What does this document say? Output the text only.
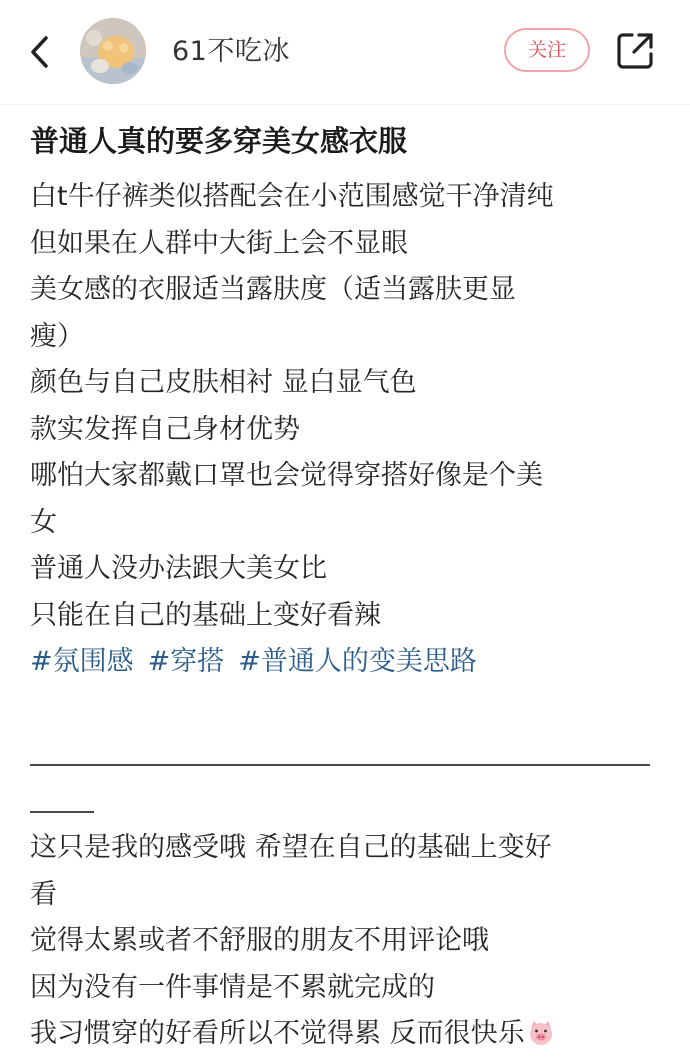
61不吃冰	关注
普通人真的要多穿美女感衣服
白t牛仔裤类似搭配会在小范围感觉干净清纯
但如果在人群中大街上会不显眼
美女感的衣服适当露肤度（适当露肤更显
瘦）
颜色与自己皮肤相衬 显白显气色
款实发挥自己身材优势
哪怕大家都戴口罩也会觉得穿搭好像是个美
女
普通人没办法跟大美女比
只能在自己的基础上变好看辣
#氛围感 #穿搭 #普通人的变美思路
这只是我的感受哦 希望在自己的基础上变好
看
觉得太累或者不舒服的朋友不用评论哦
因为没有一件事情是不累就完成的
我习惯穿的好看所以不觉得累 反而很快乐
